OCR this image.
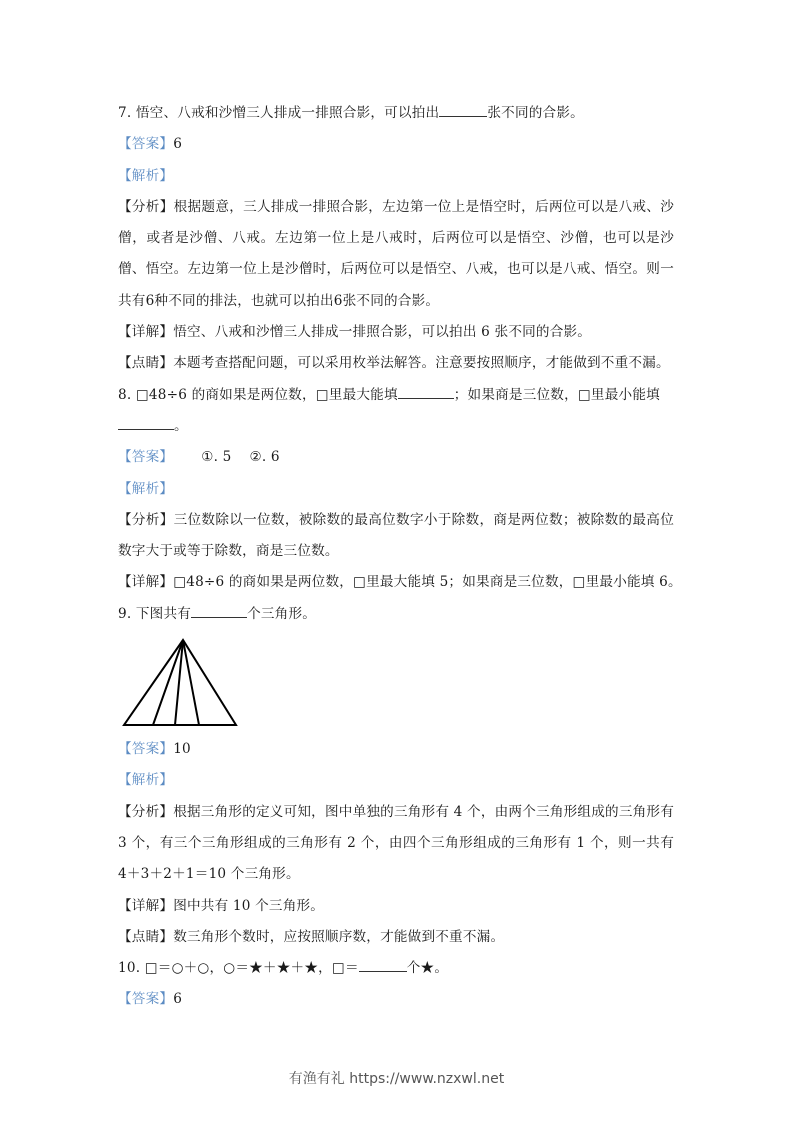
7. 悟空、八戒和沙憎三人排成一排照合影，可以拍出	张不同的合影。
【答案】6
【解析】
【分析】根据题意，三人排成一排照合影，左边第一位上是悟空时，后两位可以是八戒、沙僧，或者是沙僧、八戒。左边第一位上是八戒时，后两位可以是悟空、沙僧，也可以是沙僧、悟空。左边第一位上是沙僧时，后两位可以是悟空、八戒，也可以是八戒、悟空。则一共有6种不同的排法，也就可以拍出6张不同的合影。
【详解】悟空、八戒和沙憎三人排成一排照合影，可以拍出 6 张不同的合影。
【点睛】本题考查搭配问题，可以采用枚举法解答。注意要按照顺序，才能做到不重不漏。
8. □48÷6 的商如果是两位数，□里最大能填	；如果商是三位数，□里最小能填
。
【答案】 ①. 5 ②. 6
【解析】
【分析】三位数除以一位数，被除数的最高位数字小于除数，商是两位数；被除数的最高位数字大于或等于除数，商是三位数。
【详解】□48÷6 的商如果是两位数，□里最大能填 5；如果商是三位数，□里最小能填 6。
9. 下图共有	个三角形。
【答案】10
【解析】
【分析】根据三角形的定义可知，图中单独的三角形有 4 个，由两个三角形组成的三角形有 3 个，有三个三角形组成的三角形有 2 个，由四个三角形组成的三角形有 1 个，则一共有 4＋3＋2＋1＝10 个三角形。
【详解】图中共有 10 个三角形。
【点睛】数三角形个数时，应按照顺序数，才能做到不重不漏。
10. □＝○＋○，○＝★＋★＋★，□＝	个★。
【答案】6
有渔有礼 https://www.nzxwl.net
